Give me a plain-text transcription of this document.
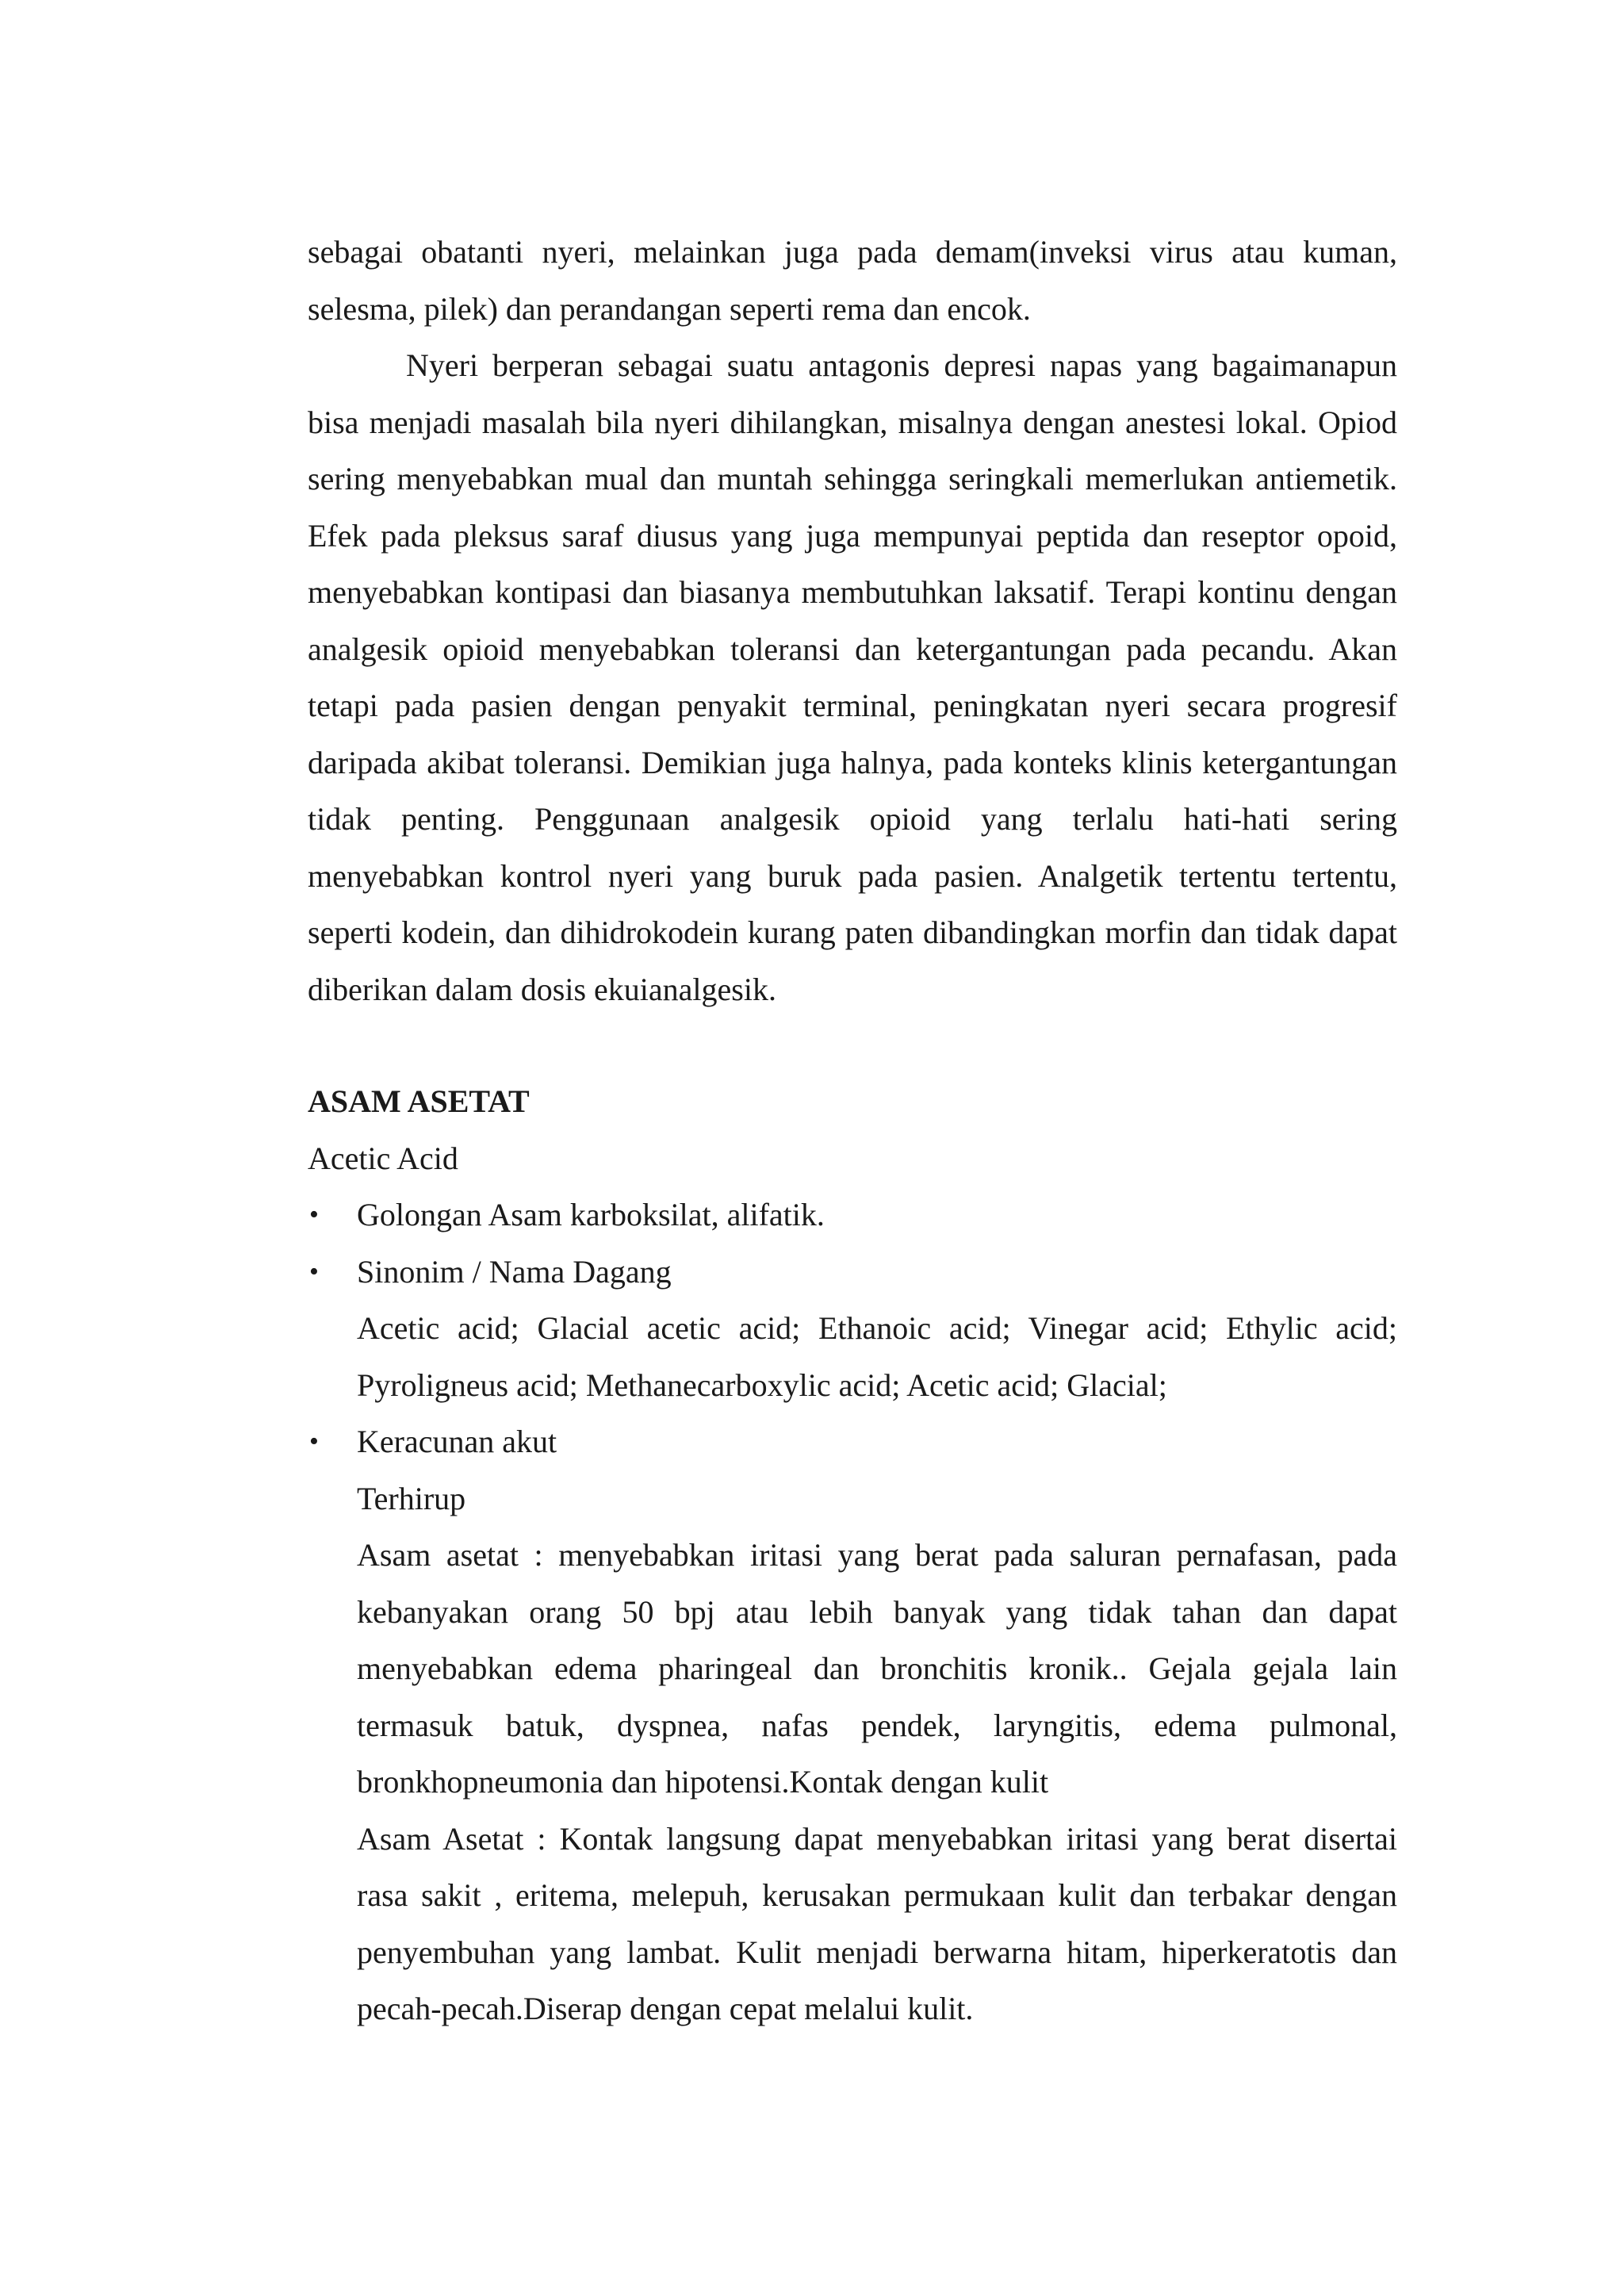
sebagai obatanti nyeri, melainkan juga pada demam(inveksi virus atau kuman, selesma, pilek) dan perandangan seperti rema dan encok.

Nyeri berperan sebagai suatu antagonis depresi napas yang bagaimanapun bisa menjadi masalah bila nyeri dihilangkan, misalnya dengan anestesi lokal. Opiod sering menyebabkan mual dan muntah sehingga seringkali memerlukan antiemetik. Efek pada pleksus saraf diusus yang juga mempunyai peptida dan reseptor opoid, menyebabkan kontipasi dan biasanya membutuhkan laksatif. Terapi kontinu dengan analgesik opioid menyebabkan toleransi dan ketergantungan pada pecandu. Akan tetapi pada pasien dengan penyakit terminal, peningkatan nyeri secara progresif daripada akibat toleransi. Demikian juga halnya, pada konteks klinis ketergantungan tidak penting. Penggunaan analgesik opioid yang terlalu hati-hati sering menyebabkan kontrol nyeri yang buruk pada pasien. Analgetik tertentu tertentu, seperti kodein, dan dihidrokodein kurang paten dibandingkan morfin dan tidak dapat diberikan dalam dosis ekuianalgesik.

ASAM ASETAT

Acetic Acid

•	Golongan Asam karboksilat, alifatik.
•	Sinonim / Nama Dagang

Acetic acid; Glacial acetic acid; Ethanoic acid; Vinegar acid; Ethylic acid; Pyroligneus acid; Methanecarboxylic acid; Acetic acid; Glacial;

•	Keracunan akut

Terhirup

Asam asetat : menyebabkan iritasi yang berat pada saluran pernafasan, pada kebanyakan orang 50 bpj atau lebih banyak yang tidak tahan dan dapat menyebabkan edema pharingeal dan bronchitis kronik.. Gejala gejala lain termasuk batuk, dyspnea, nafas pendek, laryngitis, edema pulmonal, bronkhopneumonia dan hipotensi.Kontak dengan kulit

Asam Asetat : Kontak langsung dapat menyebabkan iritasi yang berat disertai rasa sakit , eritema, melepuh, kerusakan permukaan kulit dan terbakar dengan penyembuhan yang lambat. Kulit menjadi berwarna hitam, hiperkeratotis dan pecah-pecah.Diserap dengan cepat melalui kulit.
